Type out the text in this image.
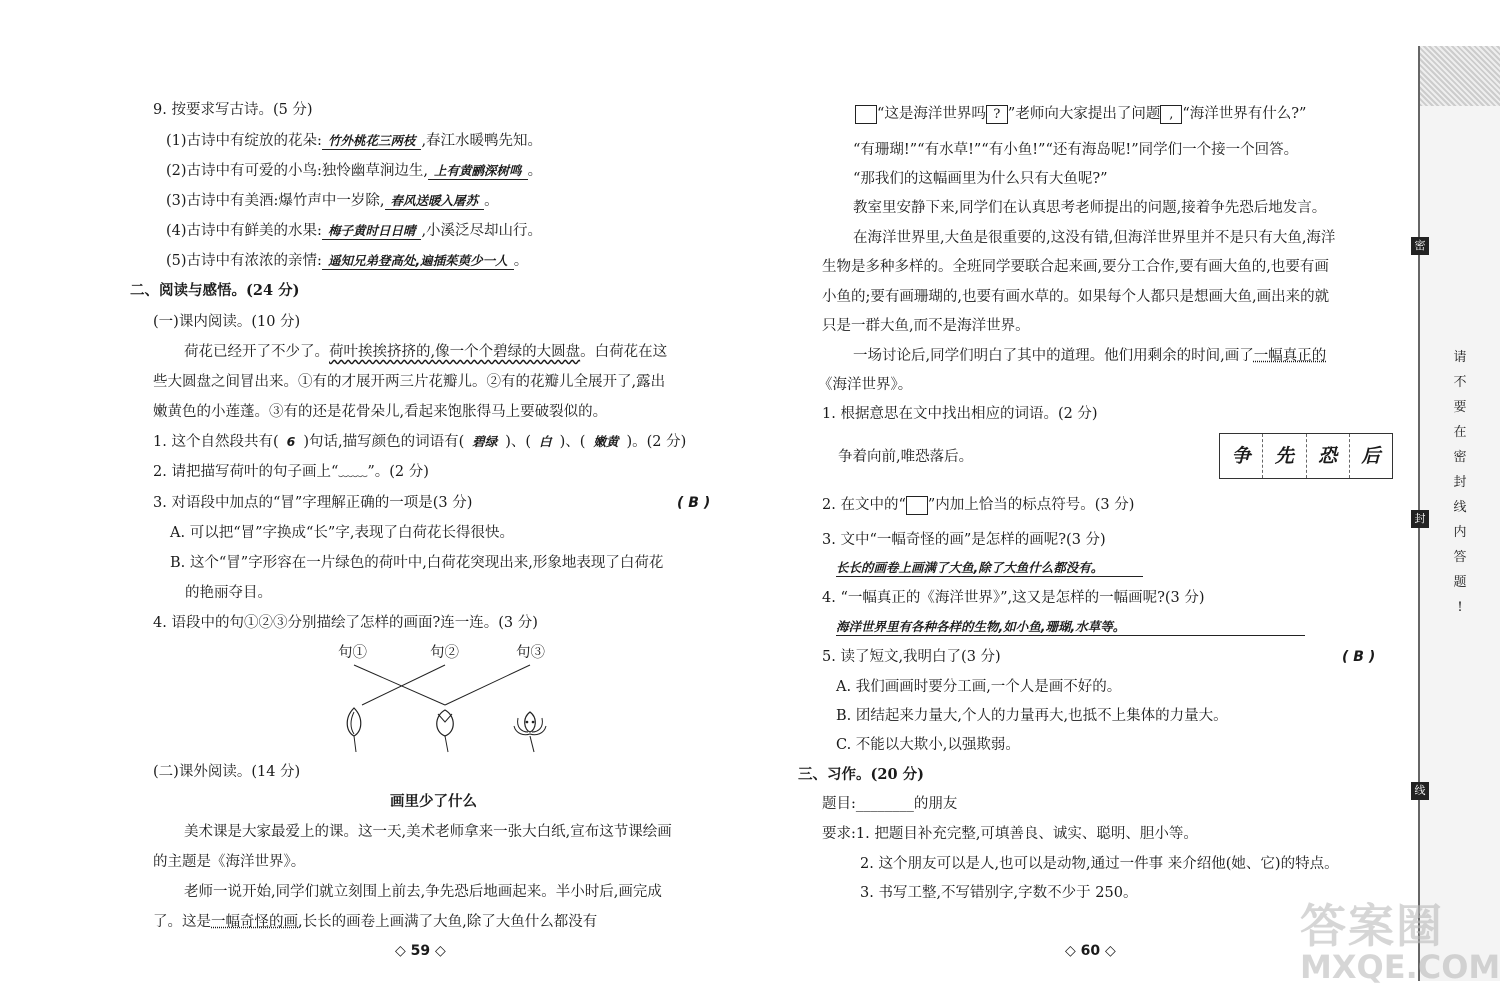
9. 按要求写古诗。(5 分)
(1)古诗中有绽放的花朵: 竹外桃花三两枝 ,春江水暖鸭先知。
(2)古诗中有可爱的小鸟:独怜幽草涧边生, 上有黄鹂深树鸣 。
(3)古诗中有美酒:爆竹声中一岁除, 春风送暖入屠苏 。
(4)古诗中有鲜美的水果: 梅子黄时日日晴 ,小溪泛尽却山行。
(5)古诗中有浓浓的亲情: 遥知兄弟登高处,遍插茱萸少一人 。
二、阅读与感悟。(24 分)
(一)课内阅读。(10 分)
荷花已经开了不少了。荷叶挨挨挤挤的,像一个个碧绿的大圆盘。白荷花在这
些大圆盘之间冒出来。①有的才展开两三片花瓣儿。②有的花瓣儿全展开了,露出
嫩黄色的小莲蓬。③有的还是花骨朵儿,看起来饱胀得马上要破裂似的。
1. 这个自然段共有( 6 )句话,描写颜色的词语有( 碧绿 )、( 白 )、( 嫩黄 )。(2 分)
2. 请把描写荷叶的句子画上“﹏﹏”。(2 分)
3. 对语段中加点的“冒”字理解正确的一项是(3 分)	( B )
A. 可以把“冒”字换成“长”字,表现了白荷花长得很快。
B. 这个“冒”字形容在一片绿色的荷叶中,白荷花突现出来,形象地表现了白荷花
的艳丽夺目。
4. 语段中的句①②③分别描绘了怎样的画面?连一连。(3 分)
句①	句②	句③
(二)课外阅读。(14 分)
画里少了什么
美术课是大家最爱上的课。这一天,美术老师拿来一张大白纸,宣布这节课绘画
的主题是《海洋世界》。
老师一说开始,同学们就立刻围上前去,争先恐后地画起来。半小时后,画完成
了。这是一幅奇怪的画,长长的画卷上画满了大鱼,除了大鱼什么都没有
◇ 59 ◇
“这是海洋世界吗 ? ”老师向大家提出了问题 , “海洋世界有什么?”
“有珊瑚!”“有水草!”“有小鱼!”“还有海岛呢!”同学们一个接一个回答。
“那我们的这幅画里为什么只有大鱼呢?”
教室里安静下来,同学们在认真思考老师提出的问题,接着争先恐后地发言。
在海洋世界里,大鱼是很重要的,这没有错,但海洋世界里并不是只有大鱼,海洋
生物是多种多样的。全班同学要联合起来画,要分工合作,要有画大鱼的,也要有画
小鱼的;要有画珊瑚的,也要有画水草的。如果每个人都只是想画大鱼,画出来的就
只是一群大鱼,而不是海洋世界。
一场讨论后,同学们明白了其中的道理。他们用剩余的时间,画了一幅真正的
《海洋世界》。
1. 根据意思在文中找出相应的词语。(2 分)
争着向前,唯恐落后。	争	先	恐	后
2. 在文中的“ ”内加上恰当的标点符号。(3 分)
3. 文中“一幅奇怪的画”是怎样的画呢?(3 分)
长长的画卷上画满了大鱼,除了大鱼什么都没有。
4. “一幅真正的《海洋世界》”,这又是怎样的一幅画呢?(3 分)
海洋世界里有各种各样的生物,如小鱼,珊瑚,水草等。
5. 读了短文,我明白了(3 分)	( B )
A. 我们画画时要分工画,一个人是画不好的。
B. 团结起来力量大,个人的力量再大,也抵不上集体的力量大。
C. 不能以大欺小,以强欺弱。
三、习作。(20 分)
题目:________的朋友
要求:1. 把题目补充完整,可填善良、诚实、聪明、胆小等。
2. 这个朋友可以是人,也可以是动物,通过一件事 来介绍他(她、它)的特点。
3. 书写工整,不写错别字,字数不少于 250。
◇ 60 ◇
密
封
线
请
不
要
在
密
封
线
内
答
题
!
答案圈
MXQE.COM
